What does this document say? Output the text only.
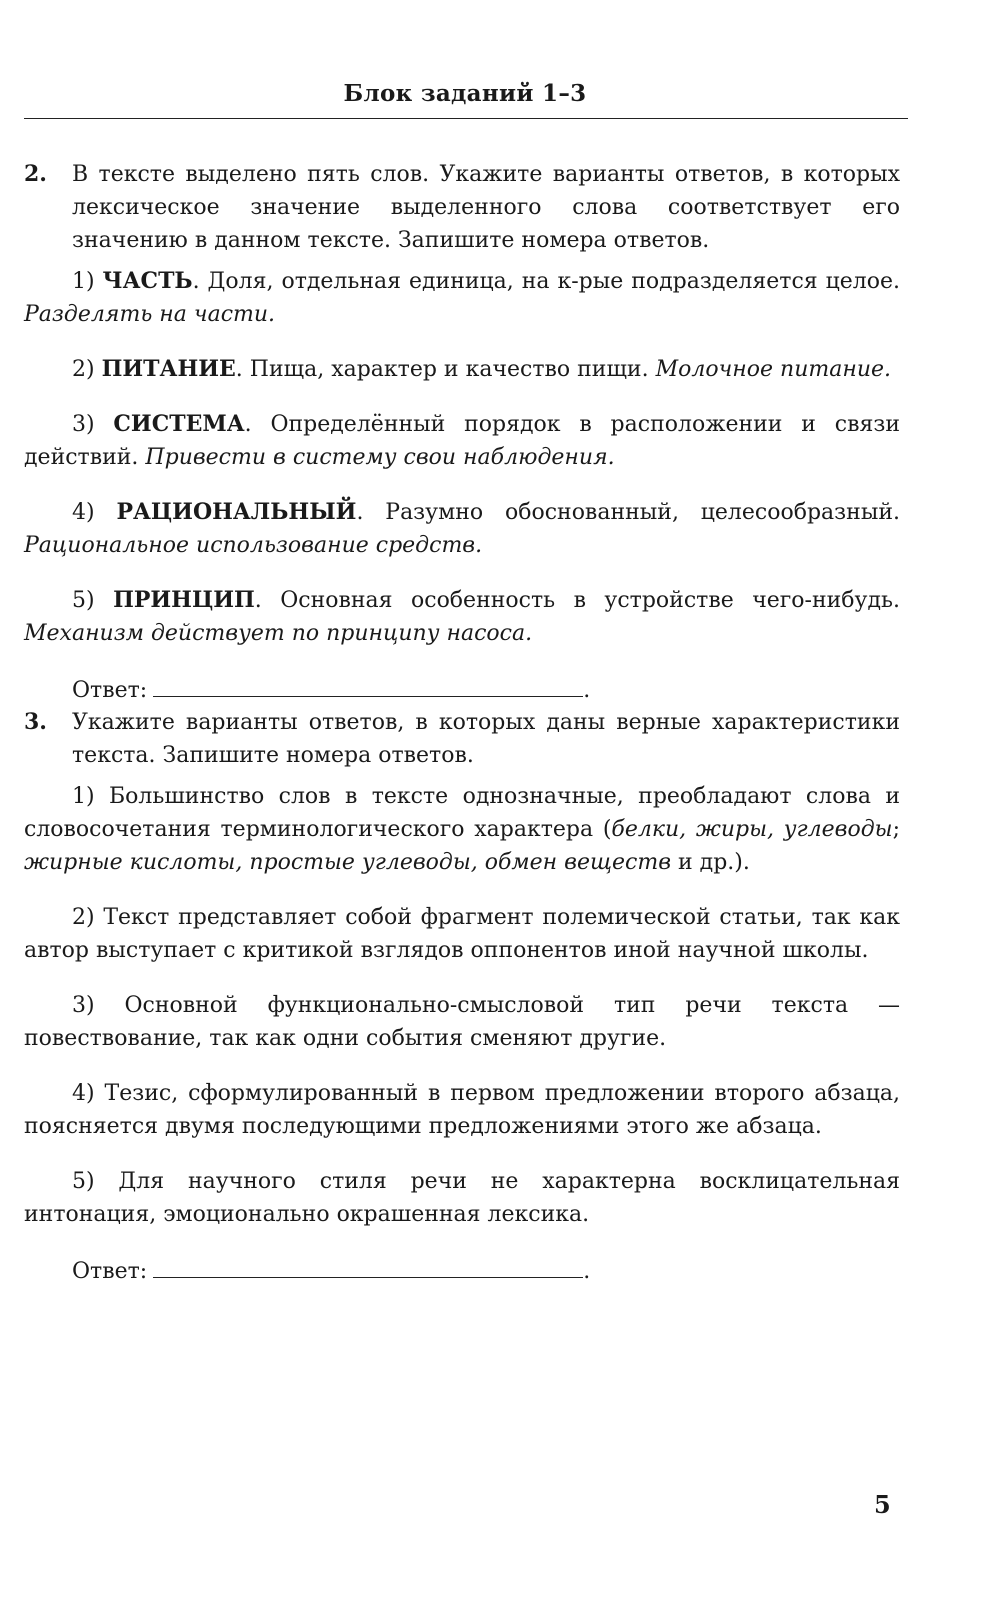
Блок заданий 1–3
2.	В тексте выделено пять слов. Укажите варианты ответов, в которых лексическое значение выделенного слова соответствует его значению в данном тексте. Запишите номера ответов.

1) ЧАСТЬ. Доля, отдельная единица, на к-рые подразделяется целое. Разделять на части.

2) ПИТАНИЕ. Пища, характер и качество пищи. Молочное питание.

3) СИСТЕМА. Определённый порядок в расположении и связи действий. Привести в систему свои наблюдения.

4) РАЦИОНАЛЬНЫЙ. Разумно обоснованный, целесообразный. Рациональное использование средств.

5) ПРИНЦИП. Основная особенность в устройстве чего-нибудь. Механизм действует по принципу насоса.

Ответ:	.
3.	Укажите варианты ответов, в которых даны верные характеристики текста. Запишите номера ответов.

1) Большинство слов в тексте однозначные, преобладают слова и словосочетания терминологического характера (белки, жиры, углеводы; жирные кислоты, простые углеводы, обмен веществ и др.).

2) Текст представляет собой фрагмент полемической статьи, так как автор выступает с критикой взглядов оппонентов иной научной школы.

3) Основной функционально-смысловой тип речи текста — повествование, так как одни события сменяют другие.

4) Тезис, сформулированный в первом предложении второго абзаца, поясняется двумя последующими предложениями этого же абзаца.

5) Для научного стиля речи не характерна восклицательная интонация, эмоционально окрашенная лексика.

Ответ:	.
5
